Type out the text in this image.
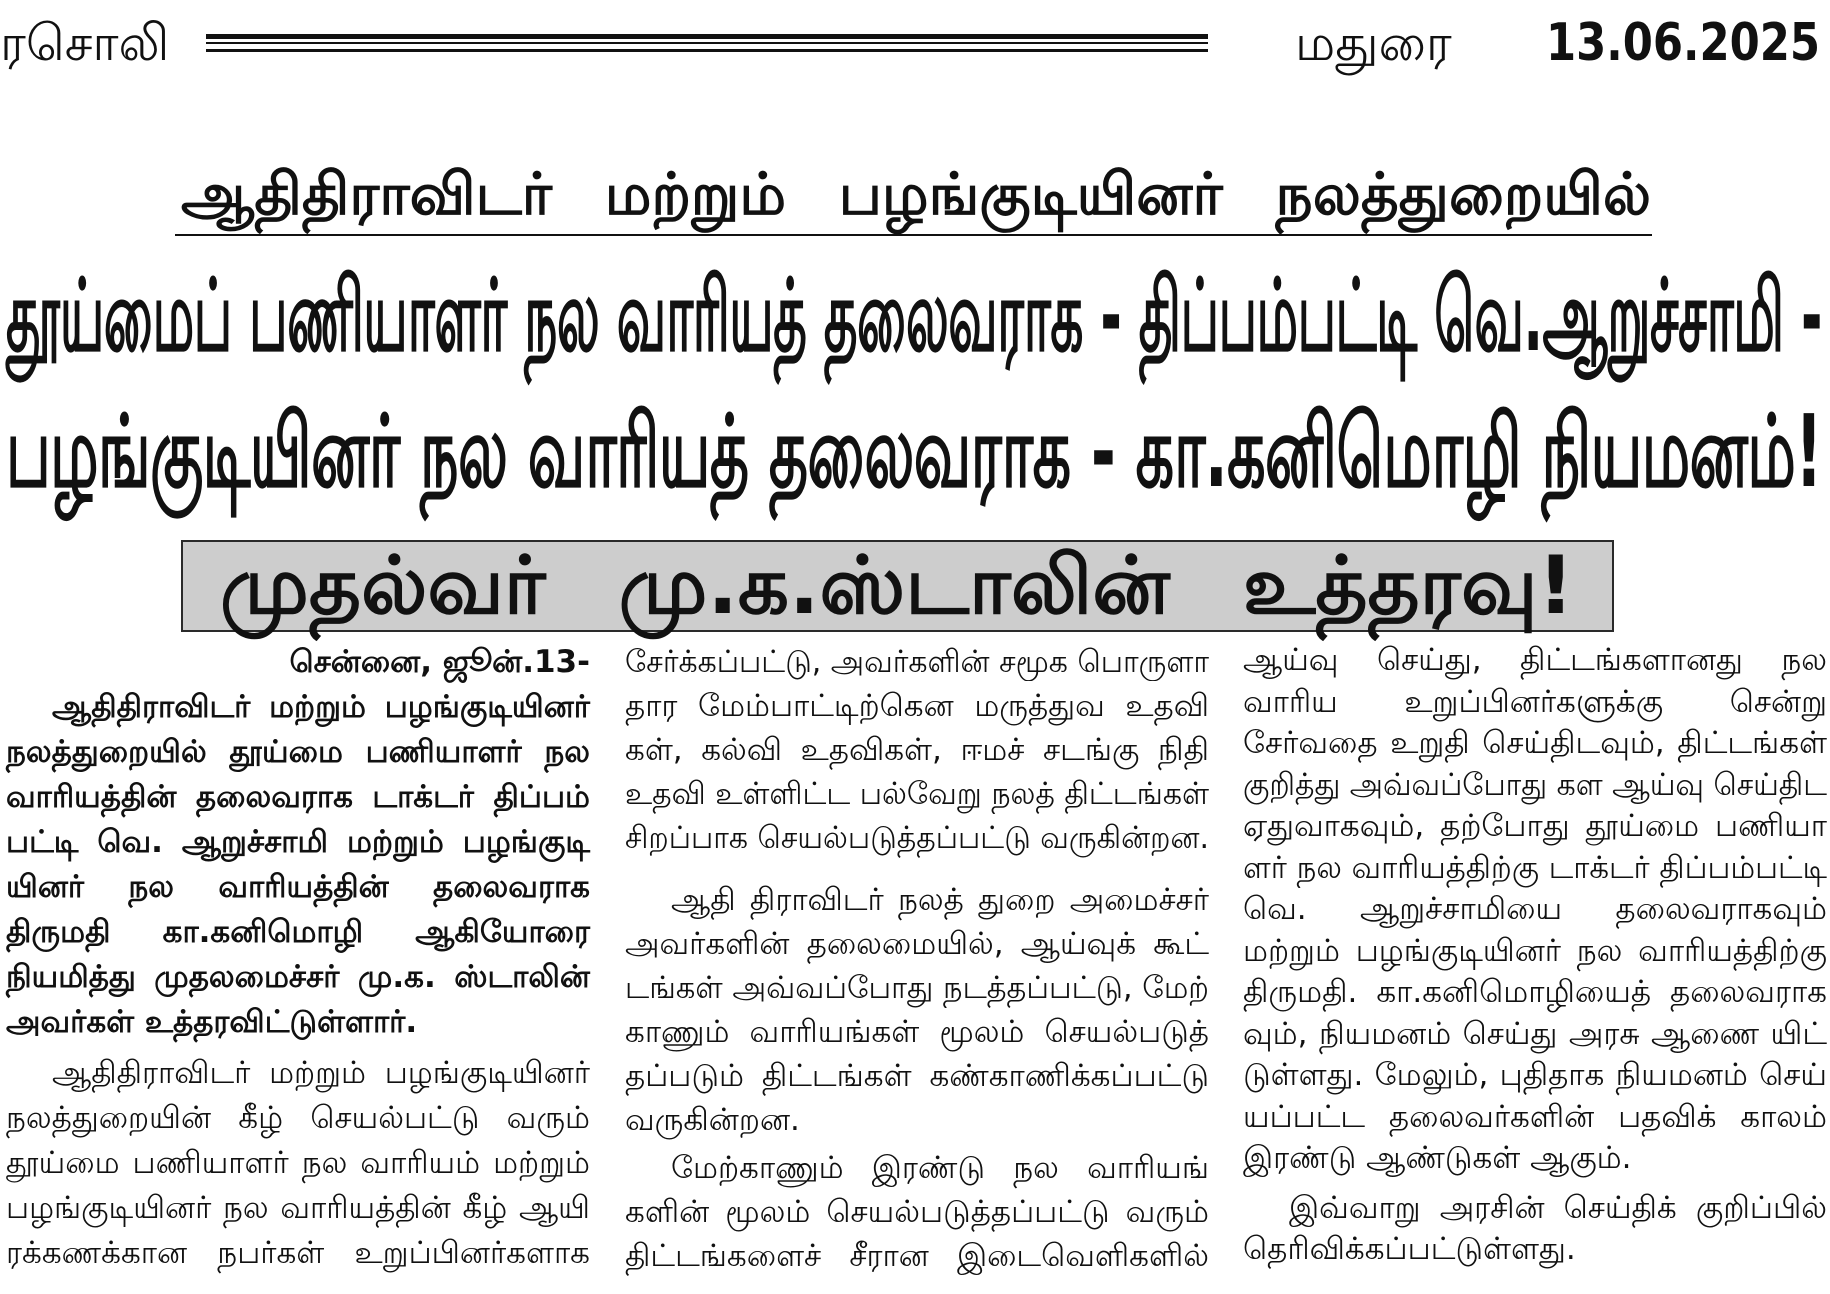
ரசொலி	மதுரை 13.06.2025
ஆதிதிராவிடர் மற்றும் பழங்குடியினர் நலத்துறையில்
தூய்மைப் பணியாளர் நல வாரியத் தலைவராக - திப்பம்பட்டி வெ.ஆறுச்சாமி -
பழங்குடியினர் நல வாரியத் தலைவராக - கா.கனிமொழி நியமனம்!
முதல்வர் மு.க.ஸ்டாலின் உத்தரவு!
சென்னை, ஜூன்.13-
ஆதிதிராவிடர் மற்றும் பழங்குடியினர்
நலத்துறையில் தூய்மை பணியாளர் நல
வாரியத்தின் தலைவராக டாக்டர் திப்பம்
பட்டி வெ. ஆறுச்சாமி மற்றும் பழங்குடி
யினர் நல வாரியத்தின் தலைவராக
திருமதி கா.கனிமொழி ஆகியோரை
நியமித்து முதலமைச்சர் மு.க. ஸ்டாலின்
அவர்கள் உத்தரவிட்டுள்ளார்.
ஆதிதிராவிடர் மற்றும் பழங்குடியினர்
நலத்துறையின் கீழ் செயல்பட்டு வரும்
தூய்மை பணியாளர் நல வாரியம் மற்றும்
பழங்குடியினர் நல வாரியத்தின் கீழ் ஆயி
ரக்கணக்கான நபர்கள் உறுப்பினர்களாக
சேர்க்கப்பட்டு, அவர்களின் சமூக பொருளா
தார மேம்பாட்டிற்கென மருத்துவ உதவி
கள், கல்வி உதவிகள், ஈமச் சடங்கு நிதி
உதவி உள்ளிட்ட பல்வேறு நலத் திட்டங்கள்
சிறப்பாக செயல்படுத்தப்பட்டு வருகின்றன.
ஆதி திராவிடர் நலத் துறை அமைச்சர்
அவர்களின் தலைமையில், ஆய்வுக் கூட்
டங்கள் அவ்வப்போது நடத்தப்பட்டு, மேற்
காணும் வாரியங்கள் மூலம் செயல்படுத்
தப்படும் திட்டங்கள் கண்காணிக்கப்பட்டு
வருகின்றன.
மேற்காணும் இரண்டு நல வாரியங்
களின் மூலம் செயல்படுத்தப்பட்டு வரும்
திட்டங்களைச் சீரான இடைவெளிகளில்
ஆய்வு செய்து, திட்டங்களானது நல
வாரிய உறுப்பினர்களுக்கு சென்று
சேர்வதை உறுதி செய்திடவும், திட்டங்கள்
குறித்து அவ்வப்போது கள ஆய்வு செய்திட
ஏதுவாகவும், தற்போது தூய்மை பணியா
ளர் நல வாரியத்திற்கு டாக்டர் திப்பம்பட்டி
வெ. ஆறுச்சாமியை தலைவராகவும்
மற்றும் பழங்குடியினர் நல வாரியத்திற்கு
திருமதி. கா.கனிமொழியைத் தலைவராக
வும், நியமனம் செய்து அரசு ஆணை யிட்
டுள்ளது. மேலும், புதிதாக நியமனம் செய்
யப்பட்ட தலைவர்களின் பதவிக் காலம்
இரண்டு ஆண்டுகள் ஆகும்.
இவ்வாறு அரசின் செய்திக் குறிப்பில்
தெரிவிக்கப்பட்டுள்ளது.
